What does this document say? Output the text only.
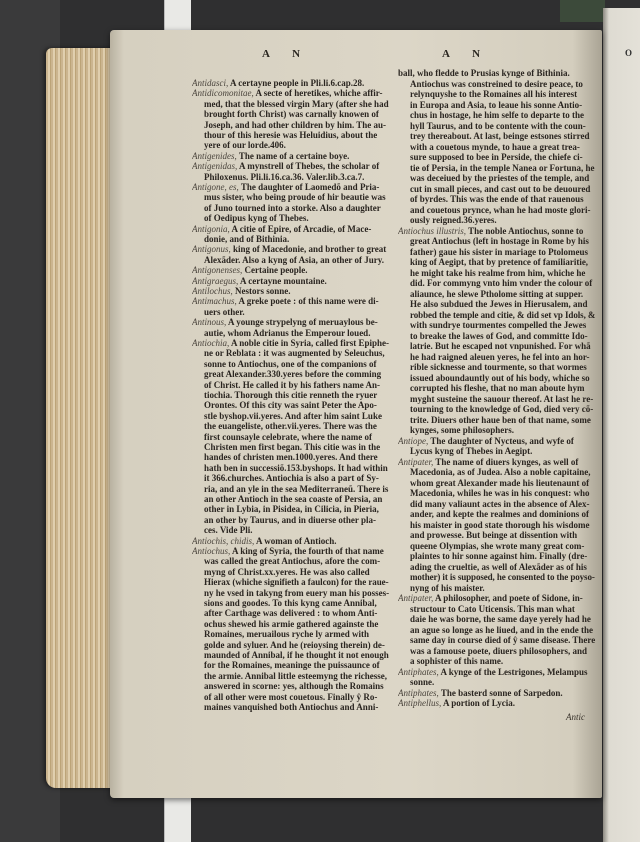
O
A N	A N
Antidasci, A certayne people in Pli.li.6.cap.28.
Antidicomonitae, A secte of heretikes, whiche affir-
med, that the blessed virgin Mary (after she had
brought forth Christ) was carnally knowen of
Joseph, and had other children by him. The au-
thour of this heresie was Heluidius, about the
yere of our lorde.406.
Antigenides, The name of a certaine boye.
Antigenidas, A mynstrell of Thebes, the scholar of
Philoxenus. Pli.li.16.ca.36. Valer.lib.3.ca.7.
Antigone, es, The daughter of Laomedõ and Pria-
mus sister, who being proude of hir beautie was
of Juno tourned into a storke. Also a daughter
of Oedipus kyng of Thebes.
Antigonia, A citie of Epire, of Arcadie, of Mace-
donie, and of Bithinia.
Antigonus, king of Macedonie, and brother to great
Alexãder. Also a kyng of Asia, an other of Jury.
Antigonenses, Certaine people.
Antigraegus, A certayne mountaine.
Antilochus, Nestors sonne.
Antimachus, A greke poete : of this name were di-
uers other.
Antinous, A younge strypelyng of meruaylous be-
autie, whom Adrianus the Emperour loued.
Antiochia, A noble citie in Syria, called first Epiphe-
ne or Reblata : it was augmented by Seleuchus,
sonne to Antiochus, one of the companions of
great Alexander.330.yeres before the comming
of Christ. He called it by his fathers name An-
tiochia. Thorough this citie renneth the ryuer
Orontes. Of this city was saint Peter the Apo-
stle byshop.vii.yeres. And after him saint Luke
the euangeliste, other.vii.yeres. There was the
first counsayle celebrate, where the name of
Christen men first began. This citie was in the
handes of christen men.1000.yeres. And there
hath ben in successiõ.153.byshops. It had within
it 366.churches. Antiochia is also a part of Sy-
ria, and an yle in the sea Mediterraneũ. There is
an other Antioch in the sea coaste of Persia, an
other in Lybia, in Pisidea, in Cilicia, in Pieria,
an other by Taurus, and in diuerse other pla-
ces. Vide Pli.
Antiochis, chidis, A woman of Antioch.
Antiochus, A king of Syria, the fourth of that name
was called the great Antiochus, afore the com-
myng of Christ.xx.yeres. He was also called
Hierax (whiche signifieth a faulcon) for the raue-
ny he vsed in takyng from euery man his posses-
sions and goodes. To this kyng came Annibal,
after Carthage was delivered : to whom Anti-
ochus shewed his armie gathered againste the
Romaines, meruailous ryche ly armed with
golde and syluer. And he (reioysing therein) de-
maunded of Annibal, if he thought it not enough
for the Romaines, meaninge the puissaunce of
the armie. Annibal little esteemyng the richesse,
answered in scorne: yes, although the Romains
of all other were most couetous. Finally ŷ Ro-
maines vanquished both Antiochus and Anni-
ball, who fledde to Prusias kynge of Bithinia.
Antiochus was constreined to desire peace, to
relynquyshe to the Romaines all his interest
in Europa and Asia, to leaue his sonne Antio-
chus in hostage, he him selfe to departe to the
hyll Taurus, and to be contente with the coun-
trey thereabout. At last, beinge estsones stirred
with a couetous mynde, to haue a great trea-
sure supposed to bee in Perside, the chiefe ci-
tie of Persia, in the temple Nanea or Fortuna, he
was deceiued by the priestes of the temple, and
cut in small pieces, and cast out to be deuoured
of byrdes. This was the ende of that rauenous
and couetous prynce, whan he had moste glori-
ously reigned.36.yeres.
Antiochus illustris, The noble Antiochus, sonne to
great Antiochus (left in hostage in Rome by his
father) gaue his sister in mariage to Ptolomeus
king of Aegipt, that by pretence of familiaritie,
he might take his realme from him, whiche he
did. For commyng vnto him vnder the colour of
aliaunce, he slewe Ptholome sitting at supper.
He also subdued the Jewes in Hierusalem, and
robbed the temple and citie, & did set vp Idols, &
with sundrye tourmentes compelled the Jewes
to breake the lawes of God, and committe Ido-
latrie. But he escaped not vnpunished. For whã
he had raigned aleuen yeres, he fel into an hor-
rible sicknesse and tourmente, so that wormes
issued aboundauntly out of his body, whiche so
corrupted his fleshe, that no man aboute hym
myght susteine the sauour thereof. At last he re-
tourning to the knowledge of God, died very cõ-
trite. Diuers other haue ben of that name, some
kynges, some philosophers.
Antiope, The daughter of Nycteus, and wyfe of
Lycus kyng of Thebes in Aegipt.
Antipater, The name of diuers kynges, as well of
Macedonia, as of Judea. Also a noble capitaine,
whom great Alexander made his lieutenaunt of
Macedonia, whiles he was in his conquest: who
did many valiaunt actes in the absence of Alex-
ander, and kepte the realmes and dominions of
his maister in good state thorough his wisdome
and prowesse. But beinge at dissention with
queene Olympias, she wrote many great com-
plaintes to hir sonne against him. Finally (dre-
ading the crueltie, as well of Alexãder as of his
mother) it is supposed, he consented to the poyso-
nyng of his maister.
Antipater, A philosopher, and poete of Sidone, in-
structour to Cato Uticensis. This man what
daie he was borne, the same daye yerely had he
an ague so longe as he liued, and in the ende the
same day in course died of ŷ same disease. There
was a famouse poete, diuers philosophers, and
a sophister of this name.
Antiphates, A kynge of the Lestrigones, Melampus
sonne.
Antiphates, The basterd sonne of Sarpedon.
Antiphellus, A portion of Lycia.
Antic
